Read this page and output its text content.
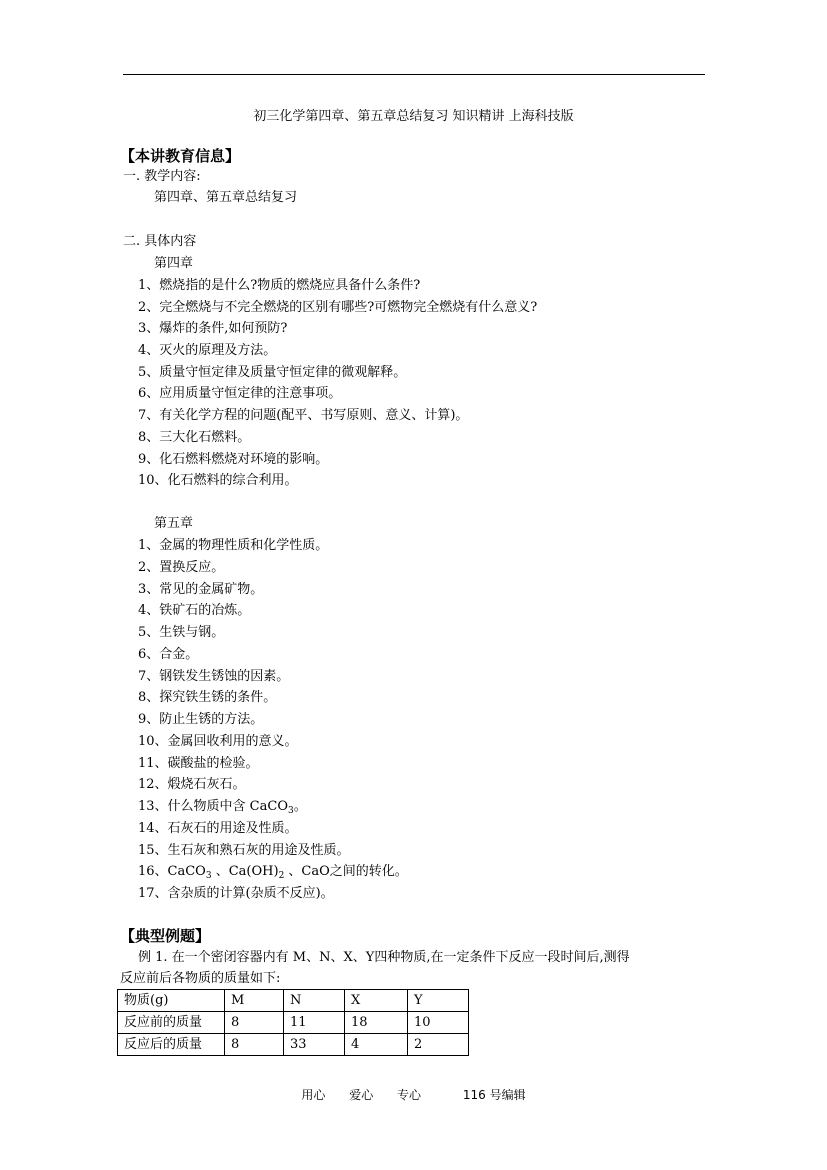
初三化学第四章、第五章总结复习 知识精讲 上海科技版
【本讲教育信息】
一. 教学内容:
第四章、第五章总结复习
二. 具体内容
第四章
1、燃烧指的是什么?物质的燃烧应具备什么条件?
2、完全燃烧与不完全燃烧的区别有哪些?可燃物完全燃烧有什么意义?
3、爆炸的条件,如何预防?
4、灭火的原理及方法。
5、质量守恒定律及质量守恒定律的微观解释。
6、应用质量守恒定律的注意事项。
7、有关化学方程的问题(配平、书写原则、意义、计算)。
8、三大化石燃料。
9、化石燃料燃烧对环境的影响。
10、化石燃料的综合利用。
第五章
1、金属的物理性质和化学性质。
2、置换反应。
3、常见的金属矿物。
4、铁矿石的冶炼。
5、生铁与钢。
6、合金。
7、钢铁发生锈蚀的因素。
8、探究铁生锈的条件。
9、防止生锈的方法。
10、金属回收利用的意义。
11、碳酸盐的检验。
12、煅烧石灰石。
13、什么物质中含 CaCO$_3$。
14、石灰石的用途及性质。
15、生石灰和熟石灰的用途及性质。
16、CaCO$_3$ 、$Ca(OH)_2$ 、CaO之间的转化。
17、含杂质的计算(杂质不反应)。
【典型例题】
例 1. 在一个密闭容器内有 M、N、X、Y四种物质,在一定条件下反应一段时间后,测得
反应前后各物质的质量如下:
物质(g)	M	N	X	Y
反应前的质量	8	11	18	10
反应后的质量	8	33	4	2
用心 爱心 专心	116 号编辑
